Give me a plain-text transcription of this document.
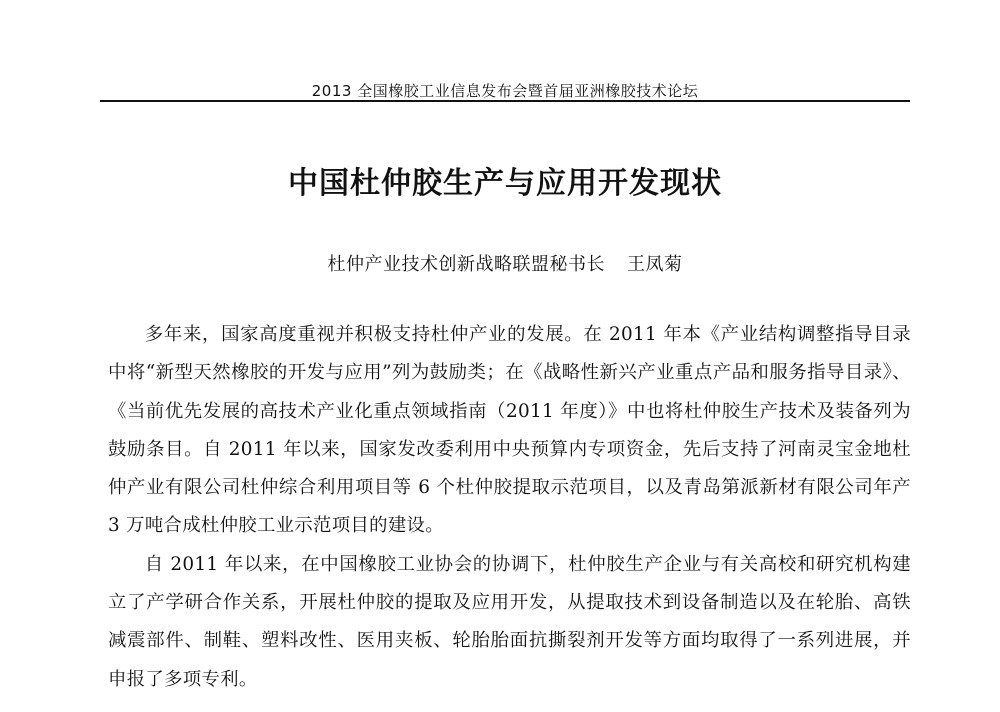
2013 全国橡胶工业信息发布会暨首届亚洲橡胶技术论坛
中国杜仲胶生产与应用开发现状
杜仲产业技术创新战略联盟秘书长 王凤菊

多年来，国家高度重视并积极支持杜仲产业的发展。在 2011 年本《产业结构调整指导目录中将“新型天然橡胶的开发与应用”列为鼓励类；在《战略性新兴产业重点产品和服务指导目录》、《当前优先发展的高技术产业化重点领域指南（2011 年度）》中也将杜仲胶生产技术及装备列为鼓励条目。自 2011 年以来，国家发改委利用中央预算内专项资金，先后支持了河南灵宝金地杜仲产业有限公司杜仲综合利用项目等 6 个杜仲胶提取示范项目，以及青岛第派新材有限公司年产 3 万吨合成杜仲胶工业示范项目的建设。

自 2011 年以来，在中国橡胶工业协会的协调下，杜仲胶生产企业与有关高校和研究机构建立了产学研合作关系，开展杜仲胶的提取及应用开发，从提取技术到设备制造以及在轮胎、高铁减震部件、制鞋、塑料改性、医用夹板、轮胎胎面抗撕裂剂开发等方面均取得了一系列进展，并申报了多项专利。
